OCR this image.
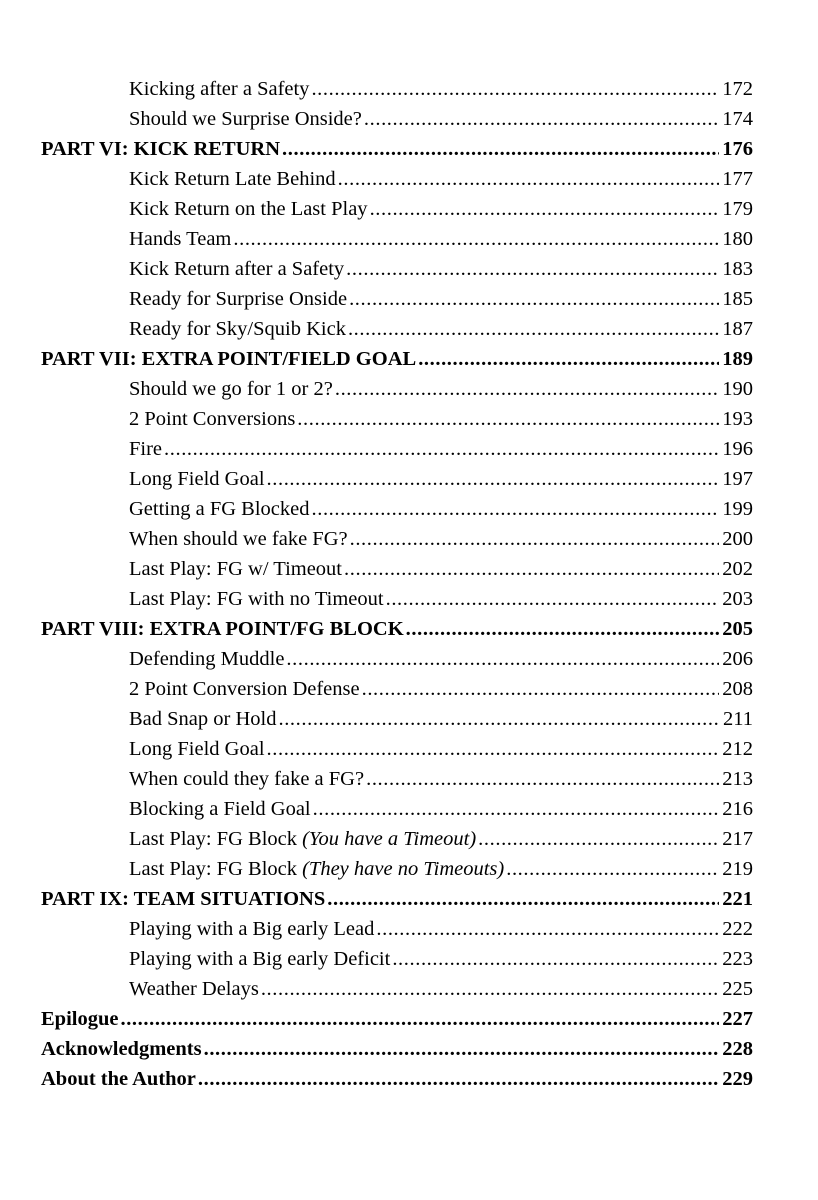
Kicking after a Safety .....	172
Should we Surprise Onside? .....	174
PART VI: KICK RETURN .....	176
Kick Return Late Behind .....	177
Kick Return on the Last Play .....	179
Hands Team .....	180
Kick Return after a Safety .....	183
Ready for Surprise Onside .....	185
Ready for Sky/Squib Kick .....	187
PART VII: EXTRA POINT/FIELD GOAL .....	189
Should we go for 1 or 2? .....	190
2 Point Conversions .....	193
Fire .....	196
Long Field Goal .....	197
Getting a FG Blocked .....	199
When should we fake FG? .....	200
Last Play: FG w/ Timeout .....	202
Last Play: FG with no Timeout .....	203
PART VIII: EXTRA POINT/FG BLOCK .....	205
Defending Muddle .....	206
2 Point Conversion Defense .....	208
Bad Snap or Hold .....	211
Long Field Goal .....	212
When could they fake a FG? .....	213
Blocking a Field Goal .....	216
Last Play: FG Block (You have a Timeout) .....	217
Last Play: FG Block (They have no Timeouts) .....	219
PART IX: TEAM SITUATIONS .....	221
Playing with a Big early Lead .....	222
Playing with a Big early Deficit .....	223
Weather Delays .....	225
Epilogue .....	227
Acknowledgments .....	228
About the Author .....	229
